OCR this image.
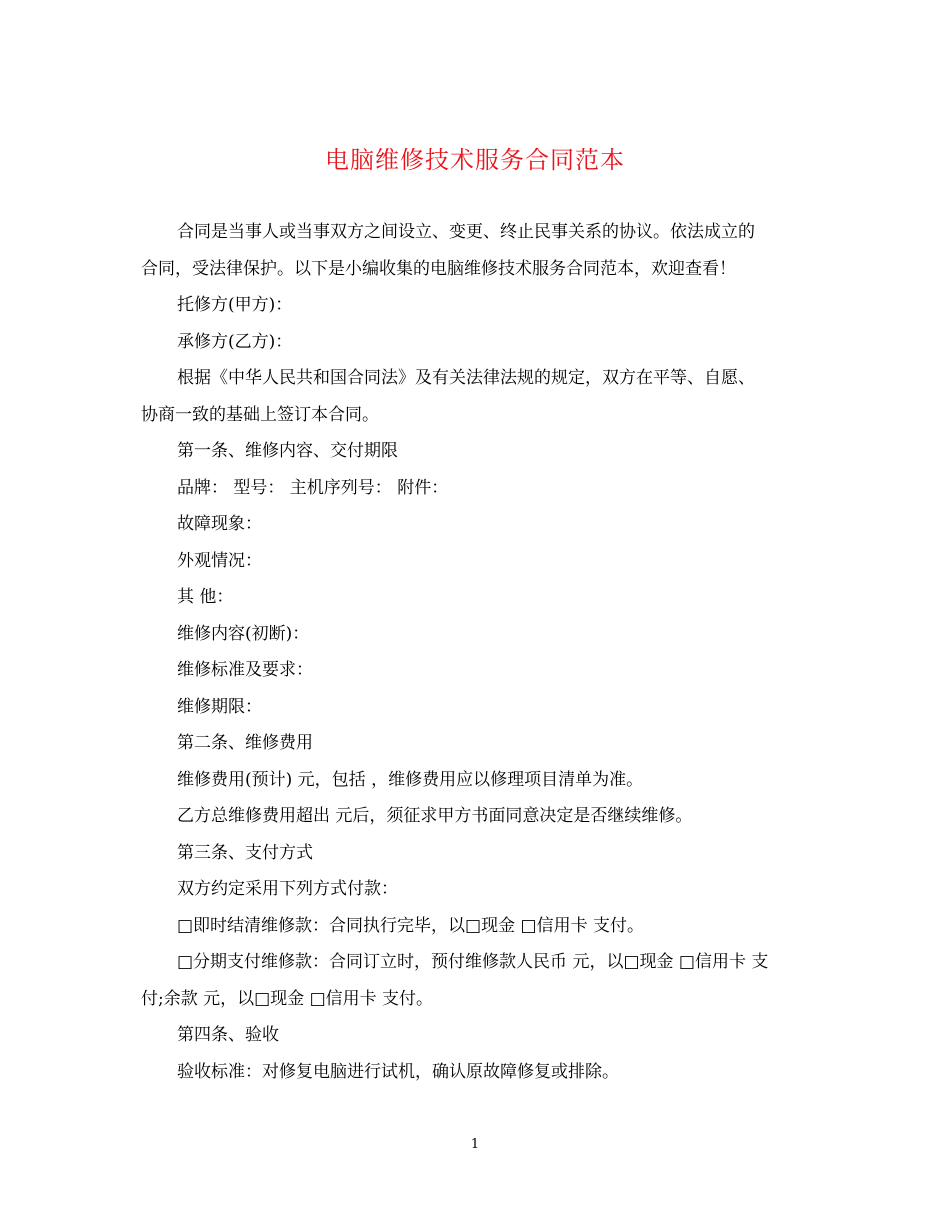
电脑维修技术服务合同范本

合同是当事人或当事双方之间设立、变更、终止民事关系的协议。依法成立的
合同，受法律保护。以下是小编收集的电脑维修技术服务合同范本，欢迎查看！

托修方(甲方)：

承修方(乙方)：

根据《中华人民共和国合同法》及有关法律法规的规定，双方在平等、自愿、
协商一致的基础上签订本合同。

第一条、维修内容、交付期限

品牌： 型号： 主机序列号： 附件：

故障现象：

外观情况：

其 他：

维修内容(初断)：

维修标准及要求：

维修期限：

第二条、维修费用

维修费用(预计) 元，包括 ，维修费用应以修理项目清单为准。

乙方总维修费用超出 元后，须征求甲方书面同意决定是否继续维修。

第三条、支付方式

双方约定采用下列方式付款：

□即时结清维修款：合同执行完毕，以□现金 □信用卡 支付。

□分期支付维修款：合同订立时，预付维修款人民币 元，以□现金 □信用卡 支
付;余款 元，以□现金 □信用卡 支付。

第四条、验收

验收标准：对修复电脑进行试机，确认原故障修复或排除。

1
